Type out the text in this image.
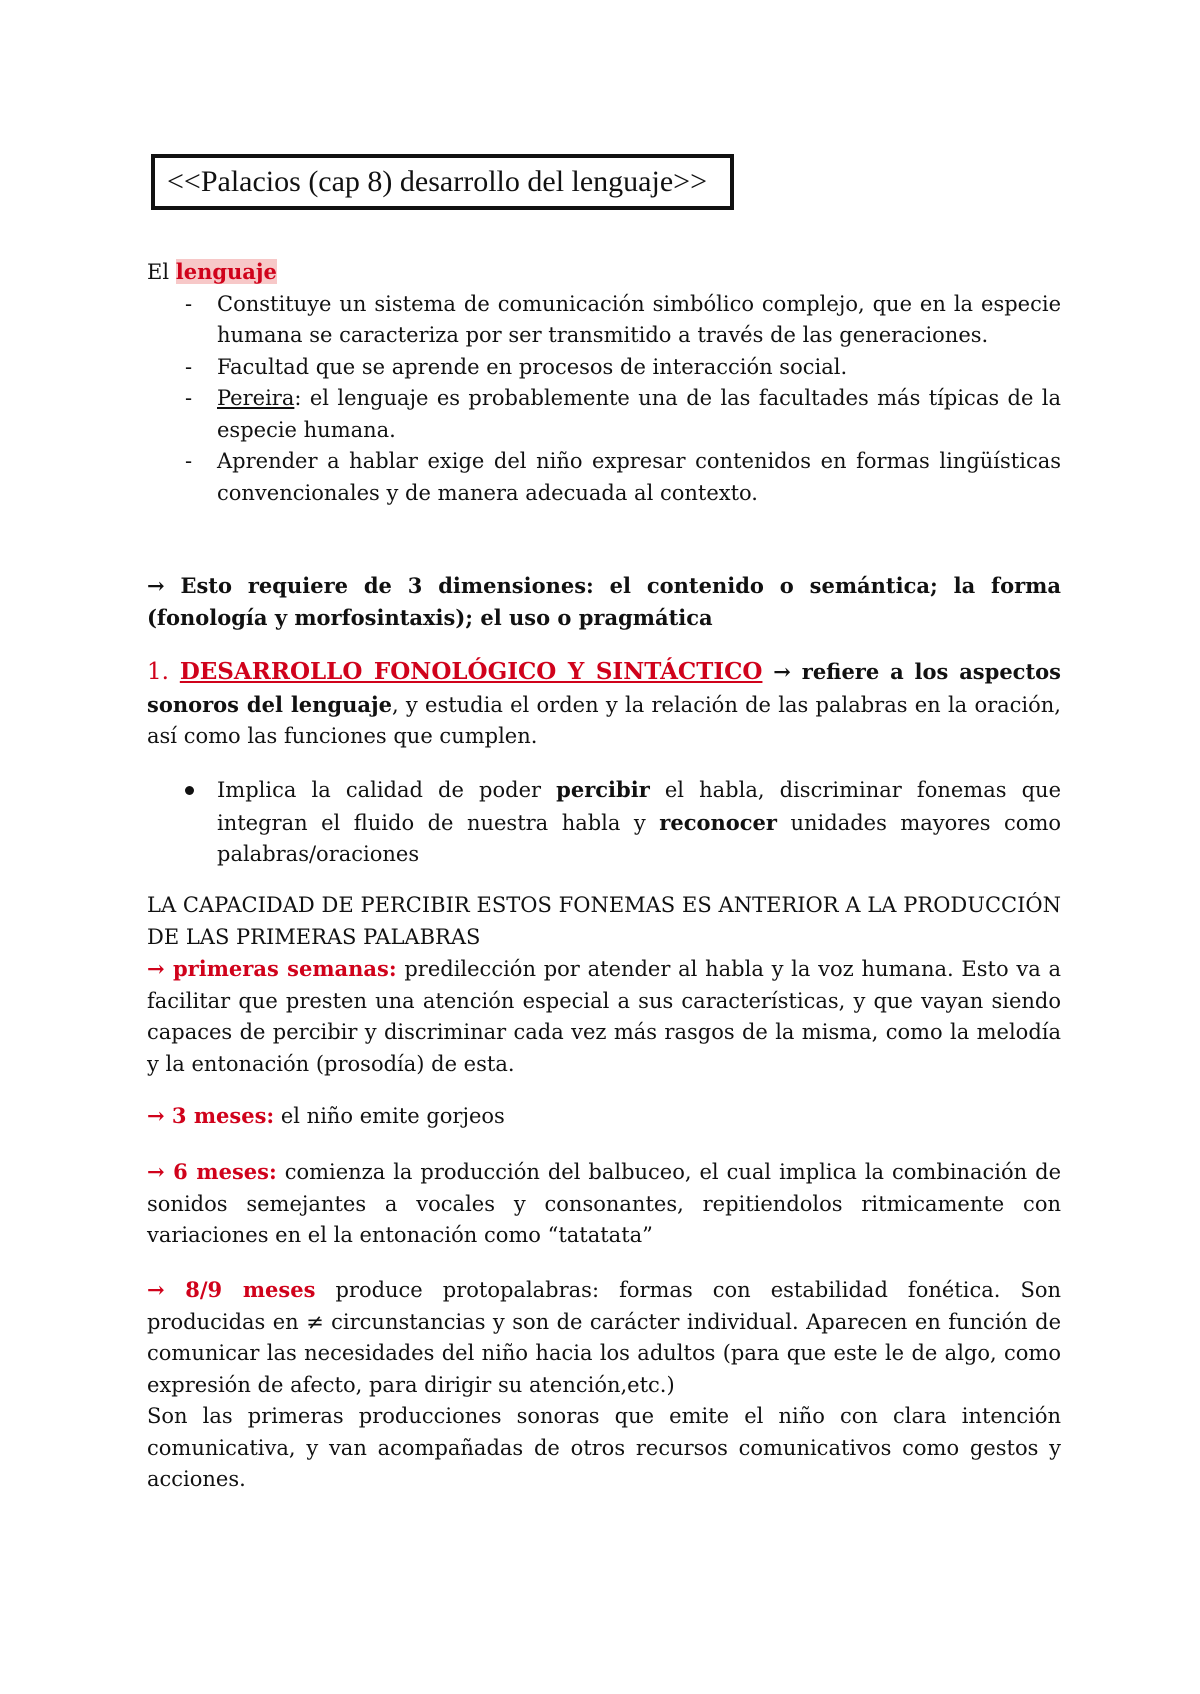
<<Palacios (cap 8) desarrollo del lenguaje>>

El lenguaje

- Constituye un sistema de comunicación simbólico complejo, que en la especie humana se caracteriza por ser transmitido a través de las generaciones.
- Facultad que se aprende en procesos de interacción social.
- Pereira: el lenguaje es probablemente una de las facultades más típicas de la especie humana.
- Aprender a hablar exige del niño expresar contenidos en formas lingüísticas convencionales y de manera adecuada al contexto.

→ Esto requiere de 3 dimensiones: el contenido o semántica; la forma (fonología y morfosintaxis); el uso o pragmática

1. DESARROLLO FONOLÓGICO Y SINTÁCTICO → refiere a los aspectos sonoros del lenguaje, y estudia el orden y la relación de las palabras en la oración, así como las funciones que cumplen.

Implica la calidad de poder percibir el habla, discriminar fonemas que integran el fluido de nuestra habla y reconocer unidades mayores como palabras/oraciones

LA CAPACIDAD DE PERCIBIR ESTOS FONEMAS ES ANTERIOR A LA PRODUCCIÓN DE LAS PRIMERAS PALABRAS

→ primeras semanas: predilección por atender al habla y la voz humana. Esto va a facilitar que presten una atención especial a sus características, y que vayan siendo capaces de percibir y discriminar cada vez más rasgos de la misma, como la melodía y la entonación (prosodía) de esta.

→ 3 meses: el niño emite gorjeos

→ 6 meses: comienza la producción del balbuceo, el cual implica la combinación de sonidos semejantes a vocales y consonantes, repitiendolos ritmicamente con variaciones en el la entonación como “tatatata”

→ 8/9 meses produce protopalabras: formas con estabilidad fonética. Son producidas en ≠ circunstancias y son de carácter individual. Aparecen en función de comunicar las necesidades del niño hacia los adultos (para que este le de algo, como expresión de afecto, para dirigir su atención,etc.)

Son las primeras producciones sonoras que emite el niño con clara intención comunicativa, y van acompañadas de otros recursos comunicativos como gestos y acciones.
